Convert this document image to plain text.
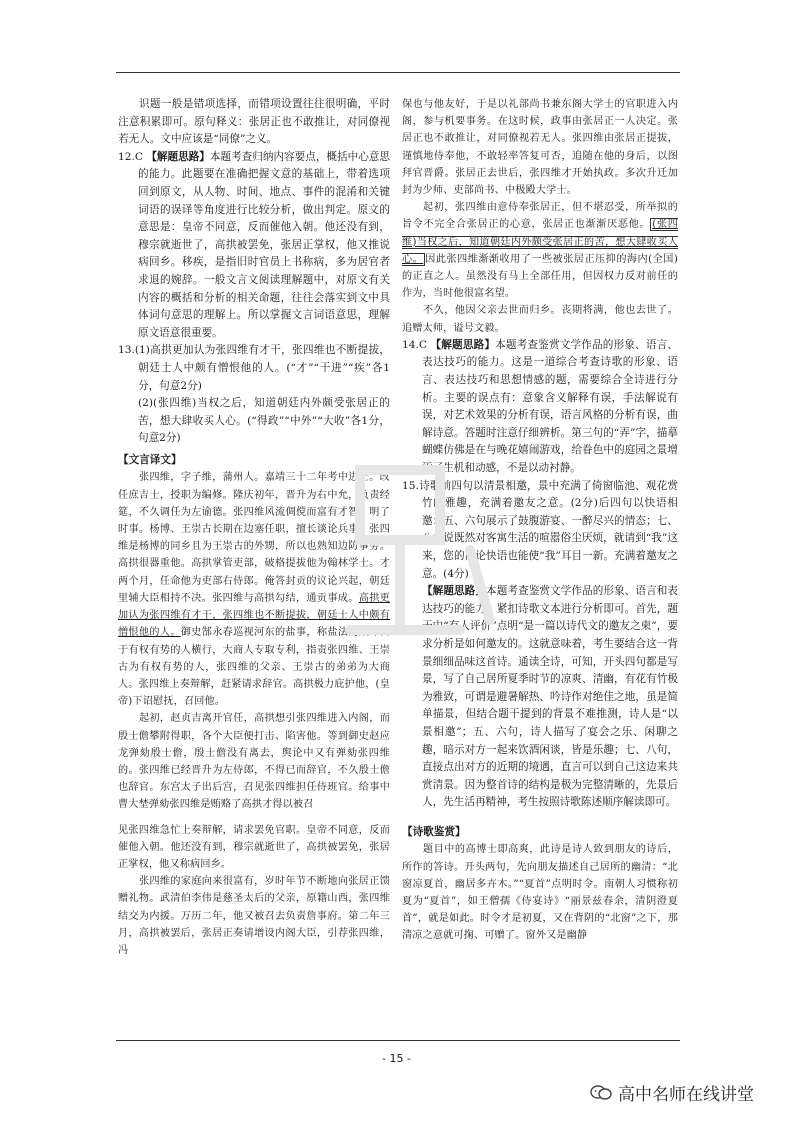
识题一般是错项选择，而错项设置往往很明确，平时注意积累即可。原句释义：张居正也不敢推让，对同僚视若无人。文中应该是“同僚”之义。

12.C 【解题思路】本题考查归纳内容要点，概括中心意思的能力。此题要在准确把握文意的基础上，带着选项回到原文，从人物、时间、地点、事件的混淆和关键词语的误译等角度进行比较分析，做出判定。原文的意思是：皇帝不同意，反而催他入朝。他还没有到，穆宗就逝世了，高拱被罢免，张居正掌权，他又推说病回乡。移疾，是指旧时官员上书称病，多为居官者求退的婉辞。一般文言文阅读理解题中，对原文有关内容的概括和分析的相关命题，往往会落实到文中具体词句意思的理解上。所以掌握文言词语意思，理解原文语意很重要。

13.(1)高拱更加认为张四维有才干，张四维也不断提拔，朝廷士人中颇有憎恨他的人。(“才”“干进”“疾”各1分，句意2分)

(2)(张四维)当权之后，知道朝廷内外颇受张居正的苦，想大肆收买人心。(“得政”“中外”“大收”各1分，句意2分)

【文言译文】

张四维，字子维，蒲州人。嘉靖三十二年考中进士。改任庶吉士，授职为编修。隆庆初年，晋升为右中允，负责经筵，不久调任为左谕德。张四维风流倜傥而富有才智，明了时事。杨博、王崇古长期在边塞任职，擅长谈论兵事。张四维是杨博的同乡且为王崇古的外甥，所以也熟知边防事务。高拱很器重他。高拱掌管吏部，破格提拔他为翰林学士。才两个月，任命他为吏部右侍郎。俺答封贡的议论兴起，朝廷里辅大臣相持不决。张四维与高拱勾结，通贡事成。高拱更加认为张四维有才干，张四维也不断提拔，朝廷士人中颇有憎恨他的人。御史郜永春巡视河东的盐事，称盐法的毁坏由于有权有势的人横行，大商人专取专利，指责张四维、王崇古为有权有势的人，张四维的父亲、王崇古的弟弟为大商人。张四维上奏辩解，赶紧请求辞官。高拱极力庇护他，(皇帝)下诏慰抚，召回他。

起初，赵贞吉离开官任，高拱想引张四维进入内阁，而殷士儋攀附得职，各个大臣便打击、陷害他。等到御史赵应龙弹劾殷士儋，殷士儋没有离去，舆论中又有弹劾张四维的。张四维已经晋升为左侍郎，不得已而辞官，不久殷士儋也辞官。东宫太子出后宫，召见张四维担任侍班官。给事中曹大埜弹劾张四维是贿赂了高拱才得以被召

见张四维急忙上奏辩解，请求罢免官职。皇帝不同意，反而催他入朝。他还没有到，穆宗就逝世了，高拱被罢免，张居正掌权，他又称病回乡。

张四维的家庭向来很富有，岁时年节不断地向张居正馈赠礼物。武清伯李伟是慈圣太后的父亲，原籍山西，张四维结交为内援。万历二年，他又被召去负责詹事府。第二年三月，高拱被罢后，张居正奏请增设内阁大臣，引荐张四维，冯

保也与他友好，于是以礼部尚书兼东阁大学士的官职进入内阁，参与机要事务。在这时候，政事由张居正一人决定。张居正也不敢推让，对同僚视若无人。张四维由张居正提拔，谨慎地侍奉他，不敢轻率答复可否，追随在他的身后，以图拜官晋爵。张居正去世后，张四维才开始执政。多次升迁加封为少师、吏部尚书、中极殿大学士。

起初，张四维由意侍奉张居正，但不堪忍受，所举拟的旨令不完全合张居正的心意，张居正也渐渐厌恶他。 (张四维)当权之后，知道朝廷内外颇受张居正的苦，想大肆收买人心。 因此张四维渐渐收用了一些被张居正压抑的海内(全国)的正直之人。虽然没有马上全部任用，但因权力反对前任的作为，当时他很富名望。

不久，他因父亲去世而归乡。丧期将满，他也去世了。追赠太师，谥号文毅。

14.C 【解题思路】本题考查鉴赏文学作品的形象、语言、表达技巧的能力。这是一道综合考查诗歌的形象、语言、表达技巧和思想情感的题，需要综合全诗进行分析。主要的误点有：意象含义解释有误，手法解说有误，对艺术效果的分析有误，语言风格的分析有误，曲解诗意。答题时注意仔细辨析。第三句的“弄”字，描摹蝴蝶仿佛是在与晚花嬉闹游戏，给眷色中的庭园之景增添了生机和动感，不是以动衬静。

15.诗歌前四句以清景相邀，景中充满了倚窗临池、观花赏竹的雅趣，充满着邀友之意。(2分)后四句以快语相邀：五、六句展示了鼓腹游宴、一醉尽兴的情态；七、八句说既然对客寓生活的喧嚣俗尘厌烦，就请到“我”这来，您的高论快语也能使“我”耳目一新。充满着邀友之意。(4分)

【解题思路】本题考查鉴赏文学作品的形象、语言和表达技巧的能力。紧扣诗歌文本进行分析即可。首先，题干中“有人评价”点明“是一篇以诗代文的邀友之柬”，要求分析是如何邀友的。这就意味着，考生要结合这一背景细细品味这首诗。通读全诗，可知，开头四句都是写景，写了自己居所夏季时节的凉爽、清幽，有花有竹极为雅致，可谓是避暑解热、吟诗作对绝佳之地，虽是简单描景，但结合题干提到的背景不难推测，诗人是“以景相邀”；五、六句，诗人描写了宴会之乐、闲聊之趣，暗示对方一起来饮酒闲谈，皆是乐趣；七、八句，直接点出对方的近期的境遇，直言可以到自己这边来共赏清景。因为整首诗的结构是极为完整清晰的，先景后人，先生活再精神，考生按照诗歌陈述顺序解读即可。

【诗歌鉴赏】

题目中的高博士即高爽，此诗是诗人致到朋友的诗后，所作的答诗。开头两句，先向朋友描述自己居所的幽清：“北窗凉夏首，幽居多卉木。”“夏首”点明时令。南朝人习惯称初夏为“夏首”，如王僧孺《侍宴诗》“丽景兹春余，清阴澄夏首”，就是如此。时令才是初夏，又在背阴的“北窗”之下，那清凉之意就可掬、可赠了。窗外又是幽静

- 15 -
高中名师在线讲堂
